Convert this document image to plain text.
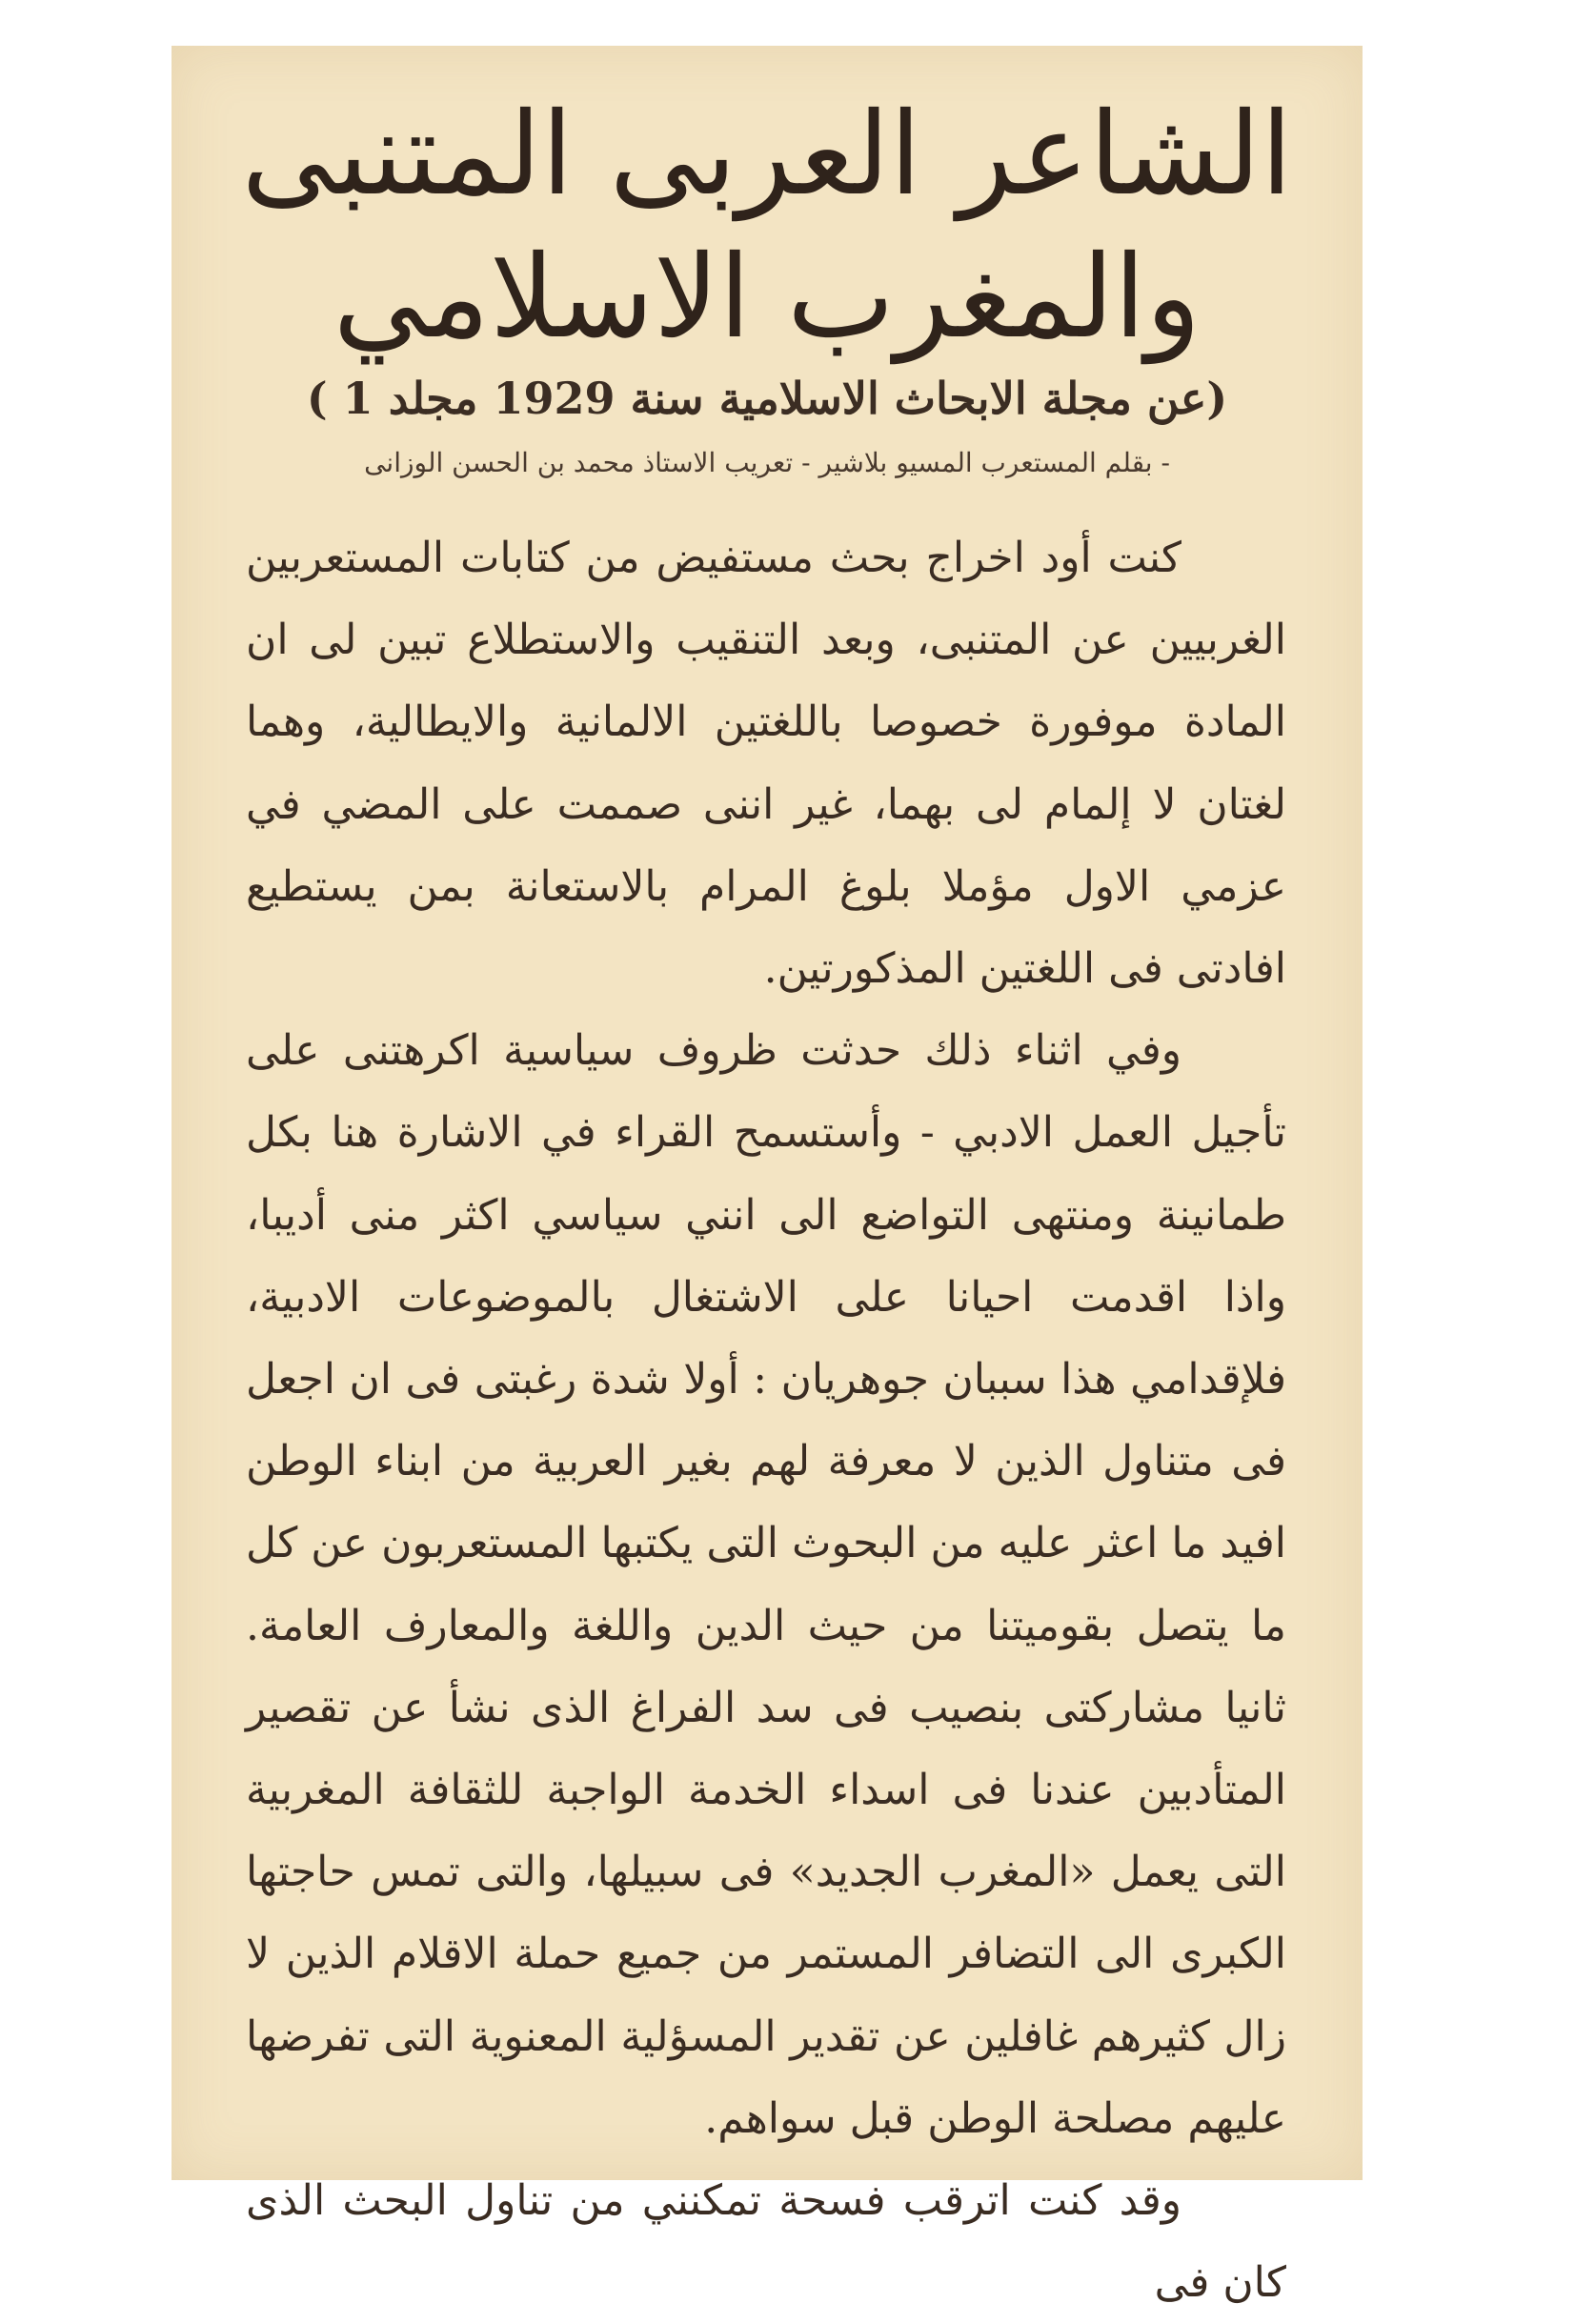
الشاعر العربى المتنبى
والمغرب الاسلامي
(عن مجلة الابحاث الاسلامية سنة 1929 مجلد 1 )
- بقلم المستعرب المسيو بلاشير - تعريب الاستاذ محمد بن الحسن الوزانى

كنت أود اخراج بحث مستفيض من كتابات المستعربين الغربيين عن المتنبى، وبعد التنقيب والاستطلاع تبين لى ان المادة موفورة خصوصا باللغتين الالمانية والايطالية، وهما لغتان لا إلمام لى بهما، غير اننى صممت على المضي في عزمي الاول مؤملا بلوغ المرام بالاستعانة بمن يستطيع افادتى فى اللغتين المذكورتين.

وفي اثناء ذلك حدثت ظروف سياسية اكرهتنى على تأجيل العمل الادبي - وأستسمح القراء في الاشارة هنا بكل طمانينة ومنتهى التواضع الى انني سياسي اكثر منى أديبا، واذا اقدمت احيانا على الاشتغال بالموضوعات الادبية، فلإقدامي هذا سببان جوهريان : أولا شدة رغبتى فى ان اجعل فى متناول الذين لا معرفة لهم بغير العربية من ابناء الوطن افيد ما اعثر عليه من البحوث التى يكتبها المستعربون عن كل ما يتصل بقوميتنا من حيث الدين واللغة والمعارف العامة. ثانيا مشاركتى بنصيب فى سد الفراغ الذى نشأ عن تقصير المتأدبين عندنا فى اسداء الخدمة الواجبة للثقافة المغربية التى يعمل «المغرب الجديد» فى سبيلها، والتى تمس حاجتها الكبرى الى التضافر المستمر من جميع حملة الاقلام الذين لا زال كثيرهم غافلين عن تقدير المسؤلية المعنوية التى تفرضها عليهم مصلحة الوطن قبل سواهم.

وقد كنت اترقب فسحة تمكنني من تناول البحث الذى كان فى
